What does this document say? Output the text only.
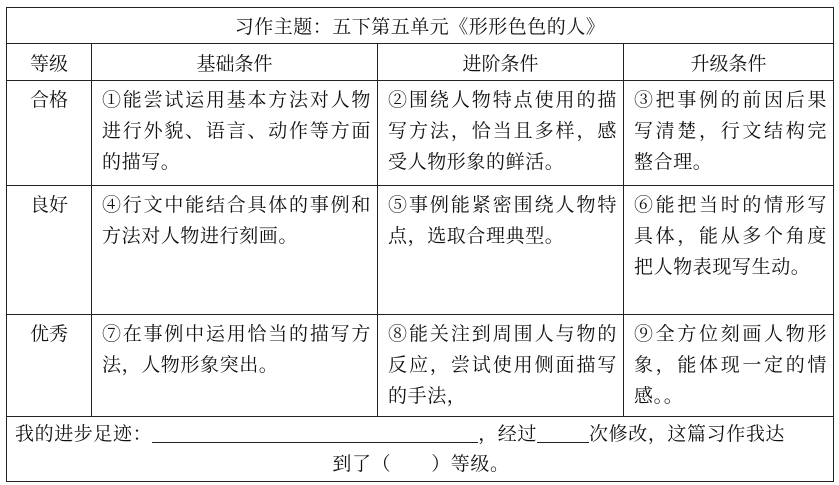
习作主题：五下第五单元《形形色色的人》			
等级	基础条件	进阶条件	升级条件
合格	①能尝试运用基本方法对人物进行外貌、语言、动作等方面的描写。	②围绕人物特点使用的描写方法，恰当且多样，感受人物形象的鲜活。	③把事例的前因后果写清楚，行文结构完整合理。
良好	④行文中能结合具体的事例和方法对人物进行刻画。	⑤事例能紧密围绕人物特点，选取合理典型。	⑥能把当时的情形写具体，能从多个角度把人物表现写生动。
优秀	⑦在事例中运用恰当的描写方法，人物形象突出。	⑧能关注到周围人与物的反应，尝试使用侧面描写的手法，	⑨全方位刻画人物形象，能体现一定的情感。。
我的进步足迹： ，经过 次修改，这篇习作我达
到了（ ）等级。			
